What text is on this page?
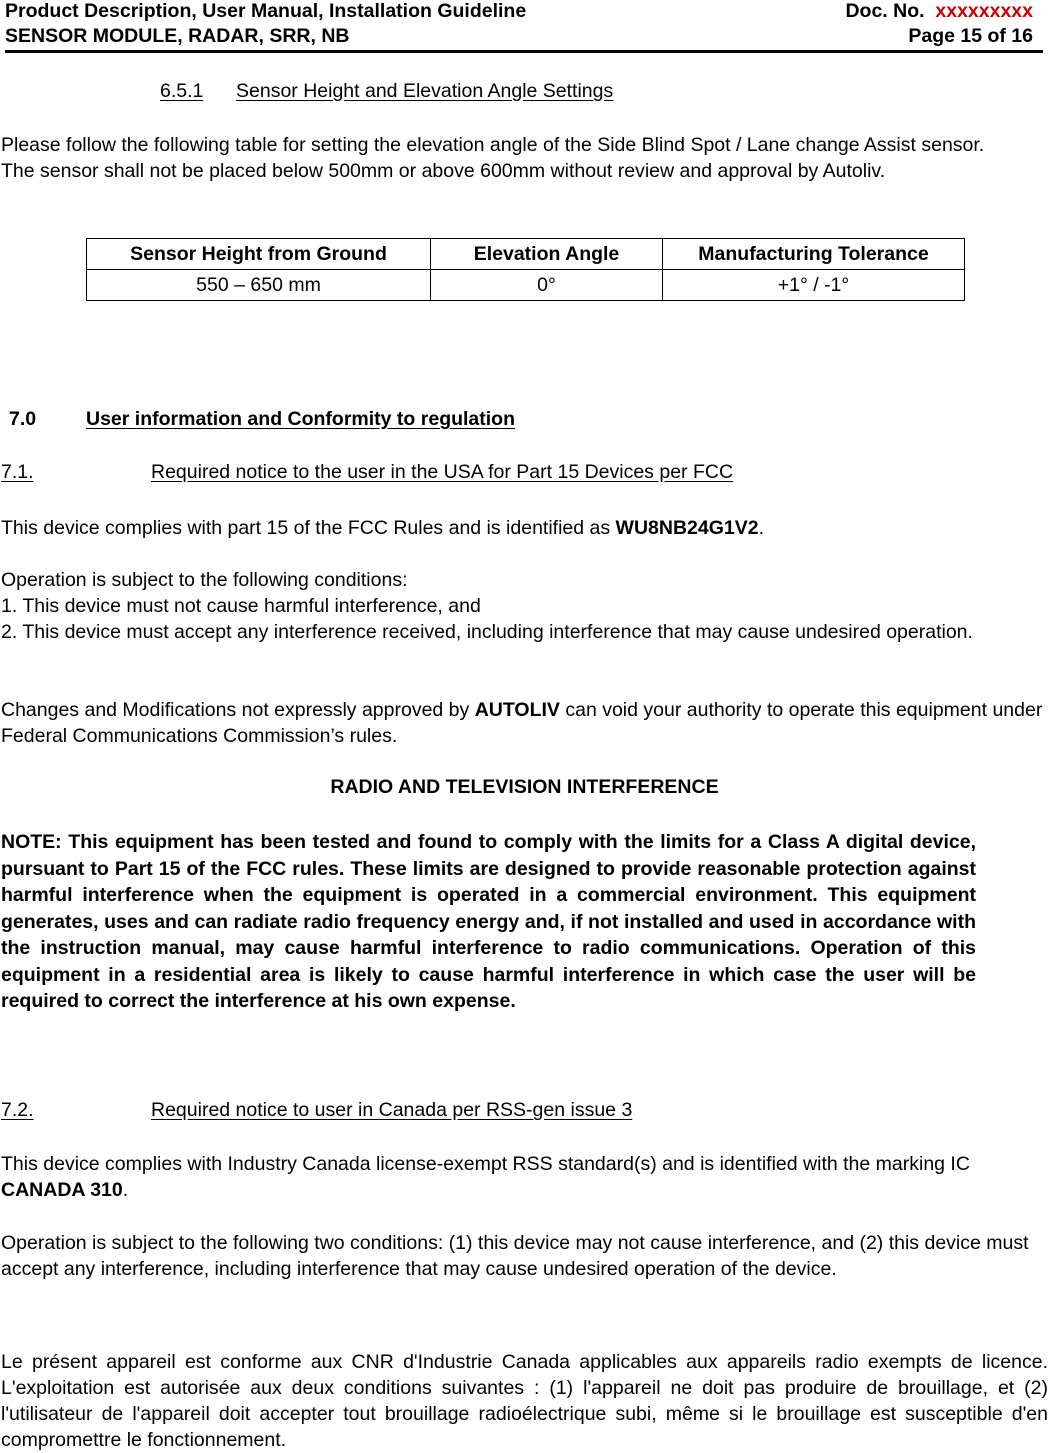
Product Description, User Manual, Installation Guideline	Doc. No. xxxxxxxxx
SENSOR MODULE, RADAR, SRR, NB	Page 15 of 16
6.5.1 Sensor Height and Elevation Angle Settings

Please follow the following table for setting the elevation angle of the Side Blind Spot / Lane change Assist sensor. The sensor shall not be placed below 500mm or above 600mm without review and approval by Autoliv.

Sensor Height from Ground	Elevation Angle	Manufacturing Tolerance
550 – 650 mm	0°	+1° / -1°
7.0	User information and Conformity to regulation
7.1.	Required notice to the user in the USA for Part 15 Devices per FCC

This device complies with part 15 of the FCC Rules and is identified as WU8NB24G1V2.

Operation is subject to the following conditions:

1. This device must not cause harmful interference, and

2. This device must accept any interference received, including interference that may cause undesired operation.

Changes and Modifications not expressly approved by AUTOLIV can void your authority to operate this equipment under Federal Communications Commission’s rules.

RADIO AND TELEVISION INTERFERENCE

NOTE: This equipment has been tested and found to comply with the limits for a Class A digital device, pursuant to Part 15 of the FCC rules. These limits are designed to provide reasonable protection against harmful interference when the equipment is operated in a commercial environment. This equipment generates, uses and can radiate radio frequency energy and, if not installed and used in accordance with the instruction manual, may cause harmful interference to radio communications. Operation of this equipment in a residential area is likely to cause harmful interference in which case the user will be required to correct the interference at his own expense.

7.2.	Required notice to user in Canada per RSS-gen issue 3

This device complies with Industry Canada license-exempt RSS standard(s) and is identified with the marking IC CANADA 310.

Operation is subject to the following two conditions: (1) this device may not cause interference, and (2) this device must accept any interference, including interference that may cause undesired operation of the device.

Le présent appareil est conforme aux CNR d'Industrie Canada applicables aux appareils radio exempts de licence. L'exploitation est autorisée aux deux conditions suivantes : (1) l'appareil ne doit pas produire de brouillage, et (2) l'utilisateur de l'appareil doit accepter tout brouillage radioélectrique subi, même si le brouillage est susceptible d'en compromettre le fonctionnement.
